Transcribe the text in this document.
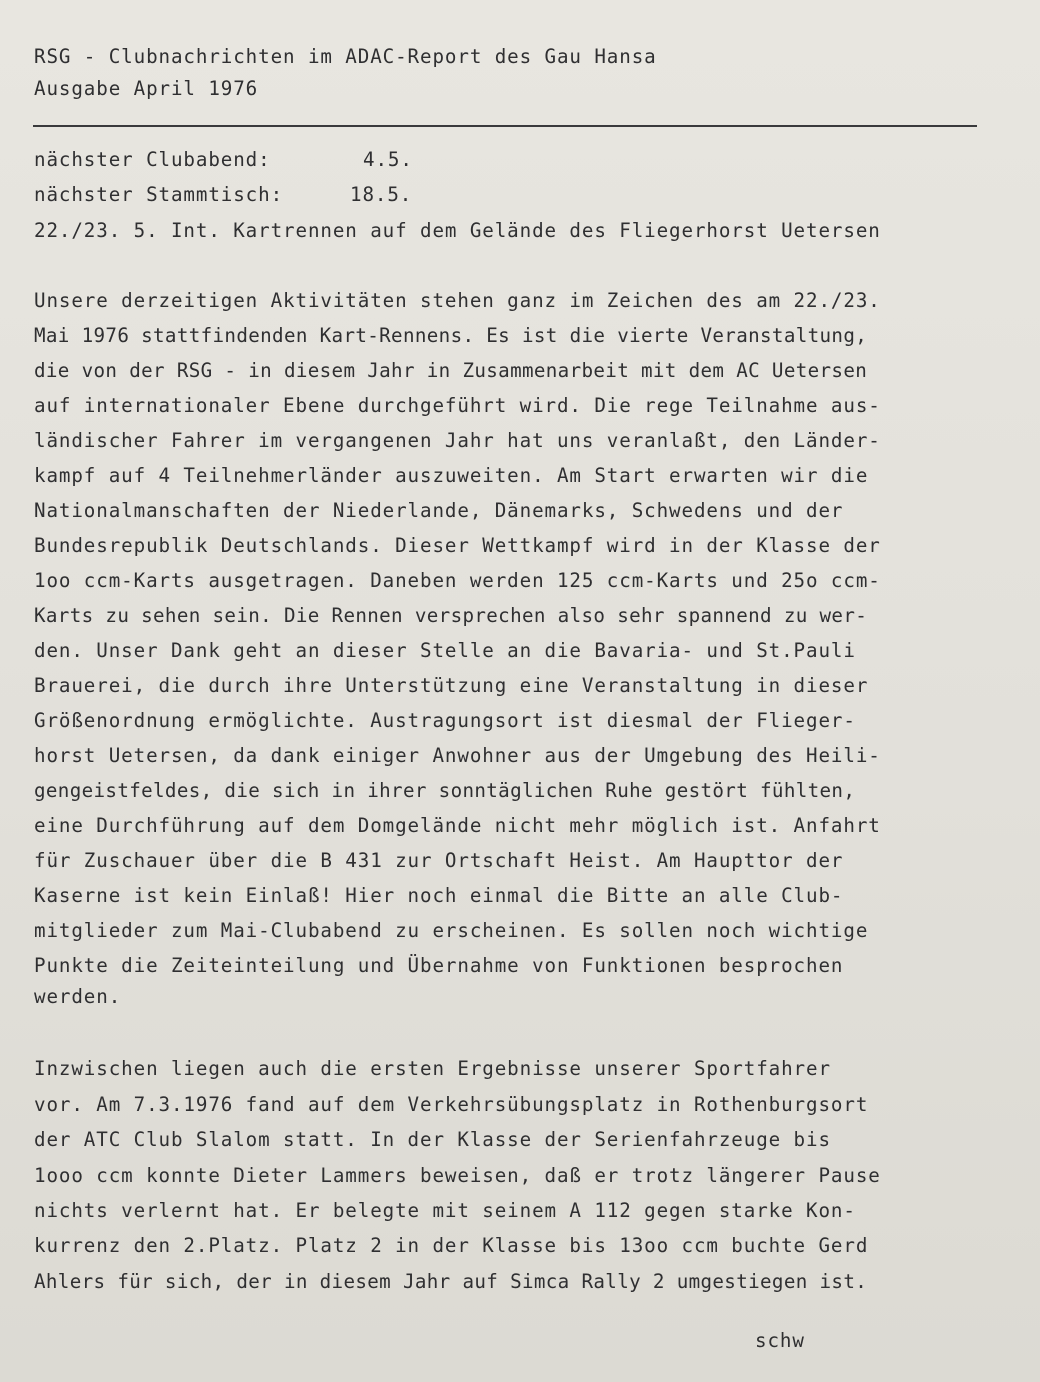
RSG - Clubnachrichten im ADAC-Report des Gau Hansa

Ausgabe April 1976

nächster Clubabend:	4.5.

nächster Stammtisch:	18.5.

22./23. 5. Int. Kartrennen auf dem Gelände des Fliegerhorst Uetersen

Unsere derzeitigen Aktivitäten stehen ganz im Zeichen des am 22./23.

Mai 1976 stattfindenden Kart-Rennens. Es ist die vierte Veranstaltung,

die von der RSG - in diesem Jahr in Zusammenarbeit mit dem AC Uetersen

auf internationaler Ebene durchgeführt wird. Die rege Teilnahme aus-

ländischer Fahrer im vergangenen Jahr hat uns veranlaßt, den Länder-

kampf auf 4 Teilnehmerländer auszuweiten. Am Start erwarten wir die

Nationalmanschaften der Niederlande, Dänemarks, Schwedens und der

Bundesrepublik Deutschlands. Dieser Wettkampf wird in der Klasse der

1oo ccm-Karts ausgetragen. Daneben werden 125 ccm-Karts und 25o ccm-

Karts zu sehen sein. Die Rennen versprechen also sehr spannend zu wer-

den. Unser Dank geht an dieser Stelle an die Bavaria- und St.Pauli

Brauerei, die durch ihre Unterstützung eine Veranstaltung in dieser

Größenordnung ermöglichte. Austragungsort ist diesmal der Flieger-

horst Uetersen, da dank einiger Anwohner aus der Umgebung des Heili-

gengeistfeldes, die sich in ihrer sonntäglichen Ruhe gestört fühlten,

eine Durchführung auf dem Domgelände nicht mehr möglich ist. Anfahrt

für Zuschauer über die B 431 zur Ortschaft Heist. Am Haupttor der

Kaserne ist kein Einlaß! Hier noch einmal die Bitte an alle Club-

mitglieder zum Mai-Clubabend zu erscheinen. Es sollen noch wichtige

Punkte die Zeiteinteilung und Übernahme von Funktionen besprochen

werden.

Inzwischen liegen auch die ersten Ergebnisse unserer Sportfahrer

vor. Am 7.3.1976 fand auf dem Verkehrsübungsplatz in Rothenburgsort

der ATC Club Slalom statt. In der Klasse der Serienfahrzeuge bis

1ooo ccm konnte Dieter Lammers beweisen, daß er trotz längerer Pause

nichts verlernt hat. Er belegte mit seinem A 112 gegen starke Kon-

kurrenz den 2.Platz. Platz 2 in der Klasse bis 13oo ccm buchte Gerd

Ahlers für sich, der in diesem Jahr auf Simca Rally 2 umgestiegen ist.

schw
